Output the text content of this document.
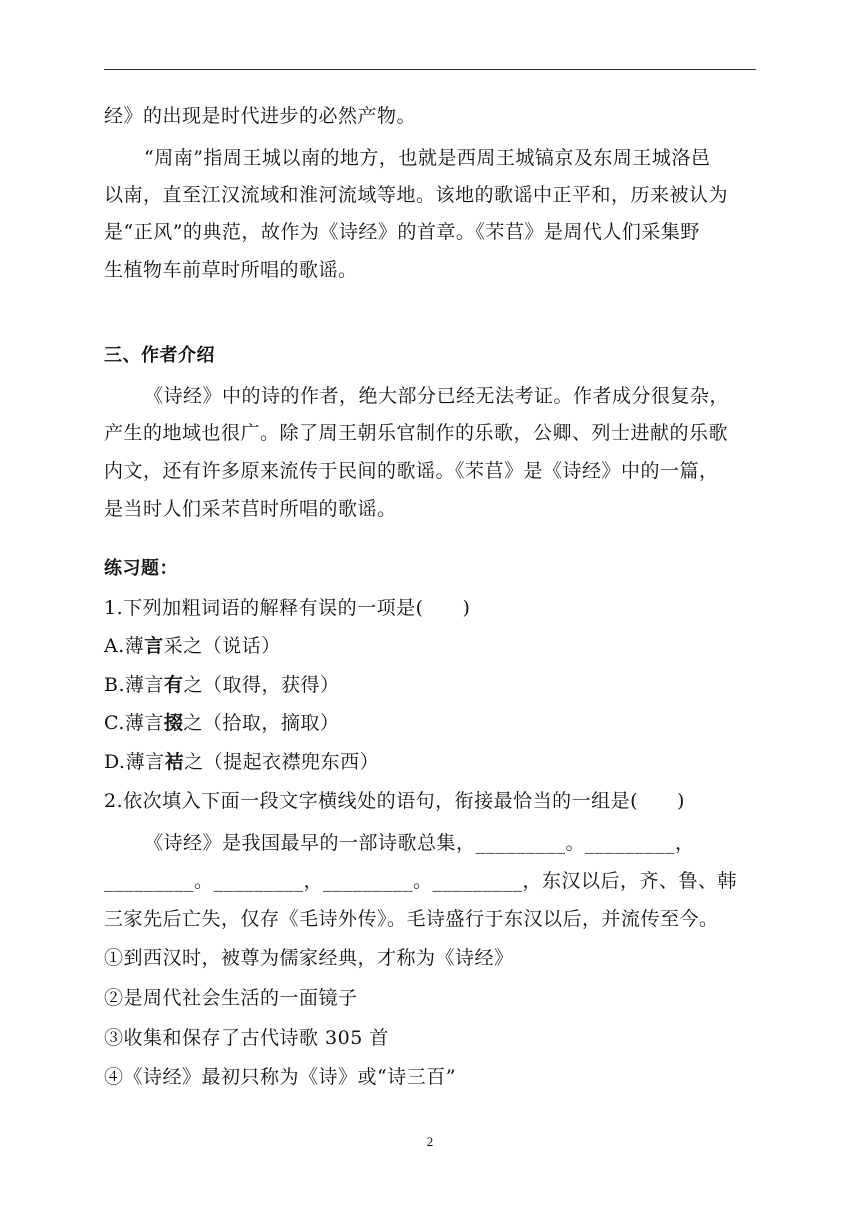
经》的出现是时代进步的必然产物。
“周南”指周王城以南的地方，也就是西周王城镐京及东周王城洛邑
以南，直至江汉流域和淮河流域等地。该地的歌谣中正平和，历来被认为
是“正风”的典范，故作为《诗经》的首章。《芣苢》是周代人们采集野
生植物车前草时所唱的歌谣。
三、作者介绍
《诗经》中的诗的作者，绝大部分已经无法考证。作者成分很复杂，
产生的地域也很广。除了周王朝乐官制作的乐歌，公卿、列士进献的乐歌
内文，还有许多原来流传于民间的歌谣。《芣苢》是《诗经》中的一篇，
是当时人们采芣苢时所唱的歌谣。
练习题：
1.下列加粗词语的解释有误的一项是(　　)
A.薄言采之（说话）
B.薄言有之（取得，获得）
C.薄言掇之（拾取，摘取）
D.薄言袺之（提起衣襟兜东西）
2.依次填入下面一段文字横线处的语句，衔接最恰当的一组是(　　)
《诗经》是我国最早的一部诗歌总集，_________。_________，
_________。_________，_________。_________，东汉以后，齐、鲁、韩
三家先后亡失，仅存《毛诗外传》。毛诗盛行于东汉以后，并流传至今。
①到西汉时，被尊为儒家经典，才称为《诗经》
②是周代社会生活的一面镜子
③收集和保存了古代诗歌 305 首
④《诗经》最初只称为《诗》或“诗三百”
2
